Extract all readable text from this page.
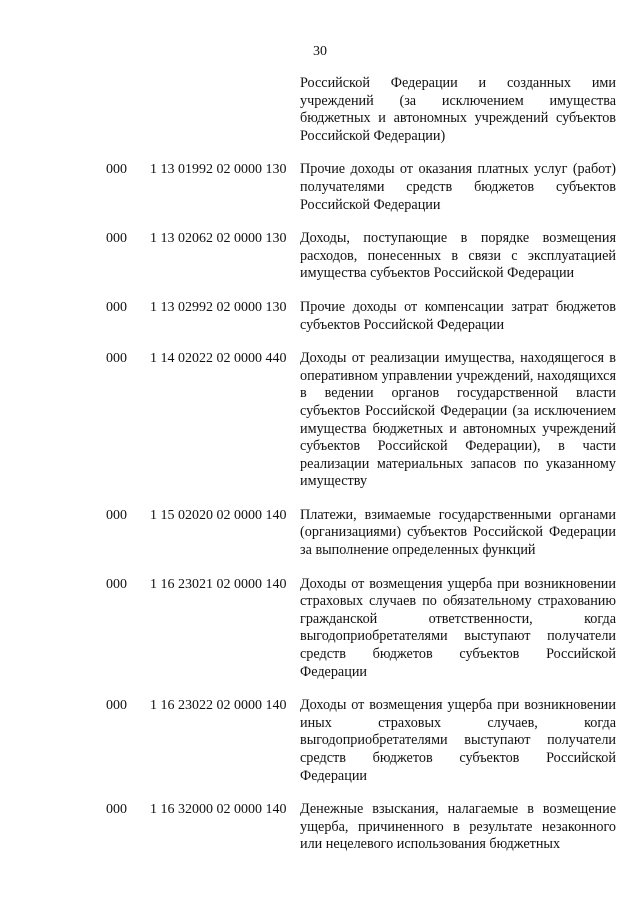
30
Российской Федерации и созданных ими учреждений (за исключением имущества бюджетных и автономных учреждений субъектов Российской Федерации)
000	1 13 01992 02 0000 130 Прочие доходы от оказания платных услуг (работ) получателями средств бюджетов субъектов Российской Федерации
000	1 13 02062 02 0000 130 Доходы, поступающие в порядке возмещения расходов, понесенных в связи с эксплуатацией имущества субъектов Российской Федерации
000	1 13 02992 02 0000 130 Прочие доходы от компенсации затрат бюджетов субъектов Российской Федерации
000	1 14 02022 02 0000 440 Доходы от реализации имущества, находящегося в оперативном управлении учреждений, находящихся в ведении органов государственной власти субъектов Российской Федерации (за исключением имущества бюджетных и автономных учреждений субъектов Российской Федерации), в части реализации материальных запасов по указанному имуществу
000	1 15 02020 02 0000 140 Платежи, взимаемые государственными органами (организациями) субъектов Российской Федерации за выполнение определенных функций
000	1 16 23021 02 0000 140 Доходы от возмещения ущерба при возникновении страховых случаев по обязательному страхованию гражданской ответственности, когда выгодоприобретателями выступают получатели средств бюджетов субъектов Российской Федерации
000	1 16 23022 02 0000 140 Доходы от возмещения ущерба при возникновении иных страховых случаев, когда выгодоприобретателями выступают получатели средств бюджетов субъектов Российской Федерации
000	1 16 32000 02 0000 140 Денежные взыскания, налагаемые в возмещение ущерба, причиненного в результате незаконного или нецелевого использования бюджетных
